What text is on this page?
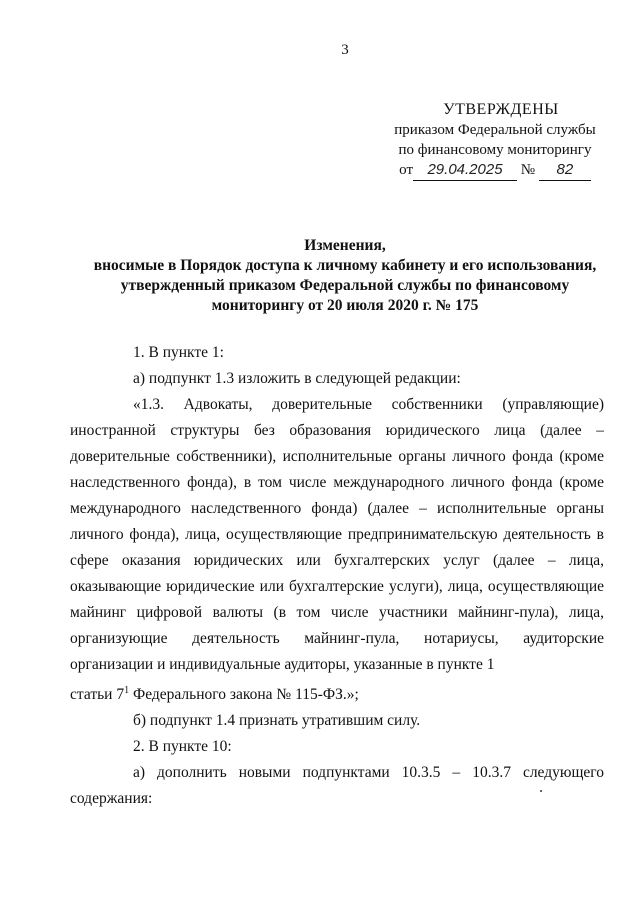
3
УТВЕРЖДЕНЫ
приказом Федеральной службы
по финансовому мониторингу
от 29.04.2025 № 82
Изменения,
вносимые в Порядок доступа к личному кабинету и его использования,
утвержденный приказом Федеральной службы по финансовому
мониторингу от 20 июля 2020 г. № 175

1. В пункте 1:

а) подпункт 1.3 изложить в следующей редакции:

«1.3. Адвокаты, доверительные собственники (управляющие)

иностранной структуры без образования юридического лица (далее – доверительные собственники), исполнительные органы личного фонда (кроме наследственного фонда), в том числе международного личного фонда (кроме международного наследственного фонда) (далее – исполнительные органы личного фонда), лица, осуществляющие предпринимательскую деятельность в сфере оказания юридических или бухгалтерских услуг (далее – лица, оказывающие юридические или бухгалтерские услуги), лица, осуществляющие майнинг цифровой валюты (в том числе участники майнинг-пула), лица, организующие деятельность майнинг-пула, нотариусы, аудиторские организации и индивидуальные аудиторы, указанные в пункте 1

статьи $7^1$ Федерального закона № 115-ФЗ.»;

б) подпункт 1.4 признать утратившим силу.

2. В пункте 10:

а) дополнить новыми подпунктами 10.3.5 – 10.3.7 следующего

содержания:
